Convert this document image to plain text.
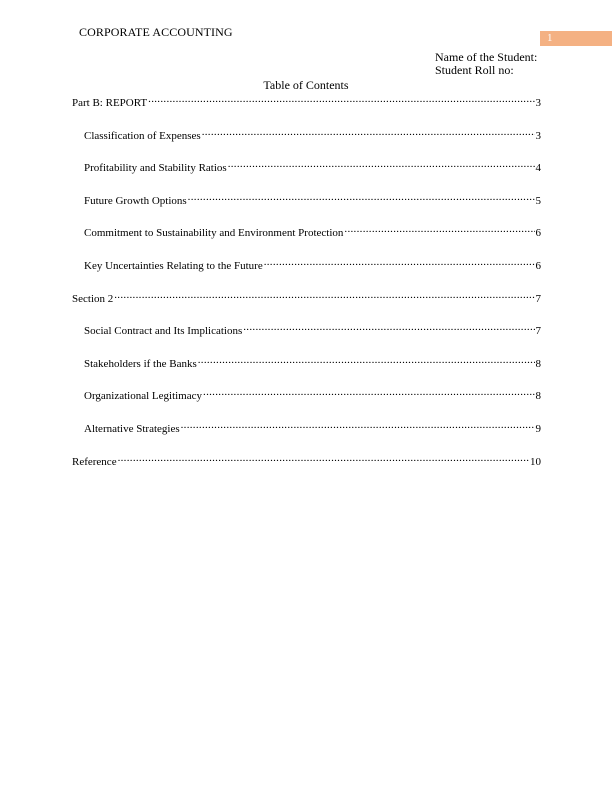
CORPORATE ACCOUNTING	1
Name of the Student:
Student Roll no:
Table of Contents
Part B: REPORT .....	3
Classification of Expenses .....	3
Profitability and Stability Ratios .....	4
Future Growth Options .....	5
Commitment to Sustainability and Environment Protection .....	6
Key Uncertainties Relating to the Future .....	6
Section 2 .....	7
Social Contract and Its Implications .....	7
Stakeholders if the Banks .....	8
Organizational Legitimacy .....	8
Alternative Strategies .....	9
Reference .....	10
